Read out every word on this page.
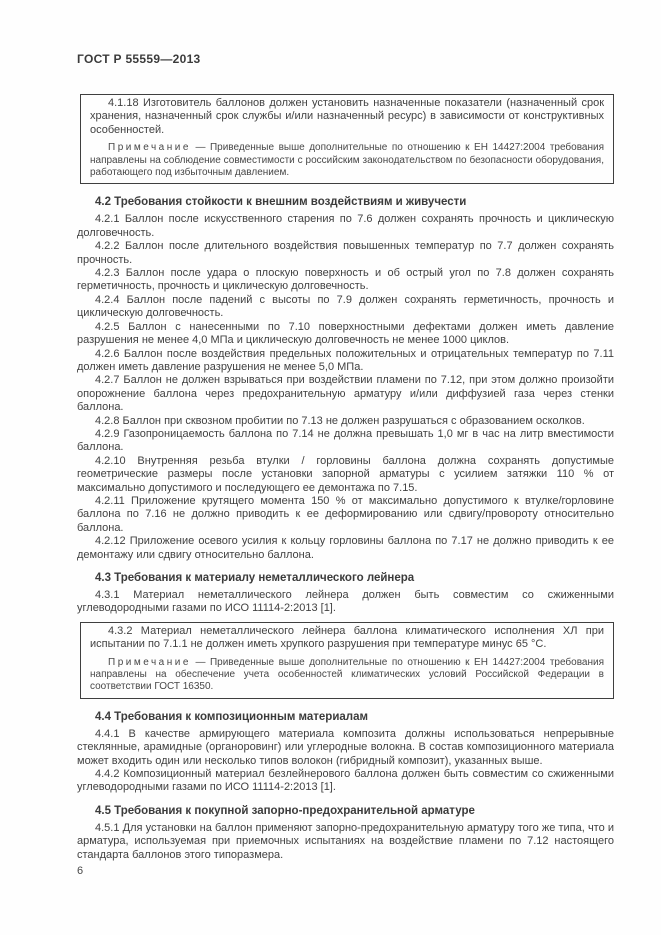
ГОСТ Р 55559—2013

4.1.18 Изготовитель баллонов должен установить назначенные показатели (назначенный срок хранения, назначенный срок службы и/или назначенный ресурс) в зависимости от конструктивных особенностей.

Примечание — Приведенные выше дополнительные по отношению к ЕН 14427:2004 требования направлены на соблюдение совместимости с российским законодательством по безопасности оборудования, работающего под избыточным давлением.

4.2 Требования стойкости к внешним воздействиям и живучести

4.2.1 Баллон после искусственного старения по 7.6 должен сохранять прочность и циклическую долговечность.

4.2.2 Баллон после длительного воздействия повышенных температур по 7.7 должен сохранять прочность.

4.2.3 Баллон после удара о плоскую поверхность и об острый угол по 7.8 должен сохранять герметичность, прочность и циклическую долговечность.

4.2.4 Баллон после падений с высоты по 7.9 должен сохранять герметичность, прочность и циклическую долговечность.

4.2.5 Баллон с нанесенными по 7.10 поверхностными дефектами должен иметь давление разрушения не менее 4,0 МПа и циклическую долговечность не менее 1000 циклов.

4.2.6 Баллон после воздействия предельных положительных и отрицательных температур по 7.11 должен иметь давление разрушения не менее 5,0 МПа.

4.2.7 Баллон не должен взрываться при воздействии пламени по 7.12, при этом должно произойти опорожнение баллона через предохранительную арматуру и/или диффузией газа через стенки баллона.

4.2.8 Баллон при сквозном пробитии по 7.13 не должен разрушаться с образованием осколков.

4.2.9 Газопроницаемость баллона по 7.14 не должна превышать 1,0 мг в час на литр вместимости баллона.

4.2.10 Внутренняя резьба втулки / горловины баллона должна сохранять допустимые геометрические размеры после установки запорной арматуры с усилием затяжки 110 % от максимально допустимого и последующего ее демонтажа по 7.15.

4.2.11 Приложение крутящего момента 150 % от максимально допустимого к втулке/горловине баллона по 7.16 не должно приводить к ее деформированию или сдвигу/провороту относительно баллона.

4.2.12 Приложение осевого усилия к кольцу горловины баллона по 7.17 не должно приводить к ее демонтажу или сдвигу относительно баллона.

4.3 Требования к материалу неметаллического лейнера

4.3.1 Материал неметаллического лейнера должен быть совместим со сжиженными углеводородными газами по ИСО 11114-2:2013 [1].

4.3.2 Материал неметаллического лейнера баллона климатического исполнения ХЛ при испытании по 7.1.1 не должен иметь хрупкого разрушения при температуре минус 65 °С.

Примечание — Приведенные выше дополнительные по отношению к ЕН 14427:2004 требования направлены на обеспечение учета особенностей климатических условий Российской Федерации в соответствии ГОСТ 16350.

4.4 Требования к композиционным материалам

4.4.1 В качестве армирующего материала композита должны использоваться непрерывные стеклянные, арамидные (органоровинг) или углеродные волокна. В состав композиционного материала может входить один или несколько типов волокон (гибридный композит), указанных выше.

4.4.2 Композиционный материал безлейнерового баллона должен быть совместим со сжиженными углеводородными газами по ИСО 11114-2:2013 [1].

4.5 Требования к покупной запорно-предохранительной арматуре

4.5.1 Для установки на баллон применяют запорно-предохранительную арматуру того же типа, что и арматура, используемая при приемочных испытаниях на воздействие пламени по 7.12 настоящего стандарта баллонов этого типоразмера.

6
